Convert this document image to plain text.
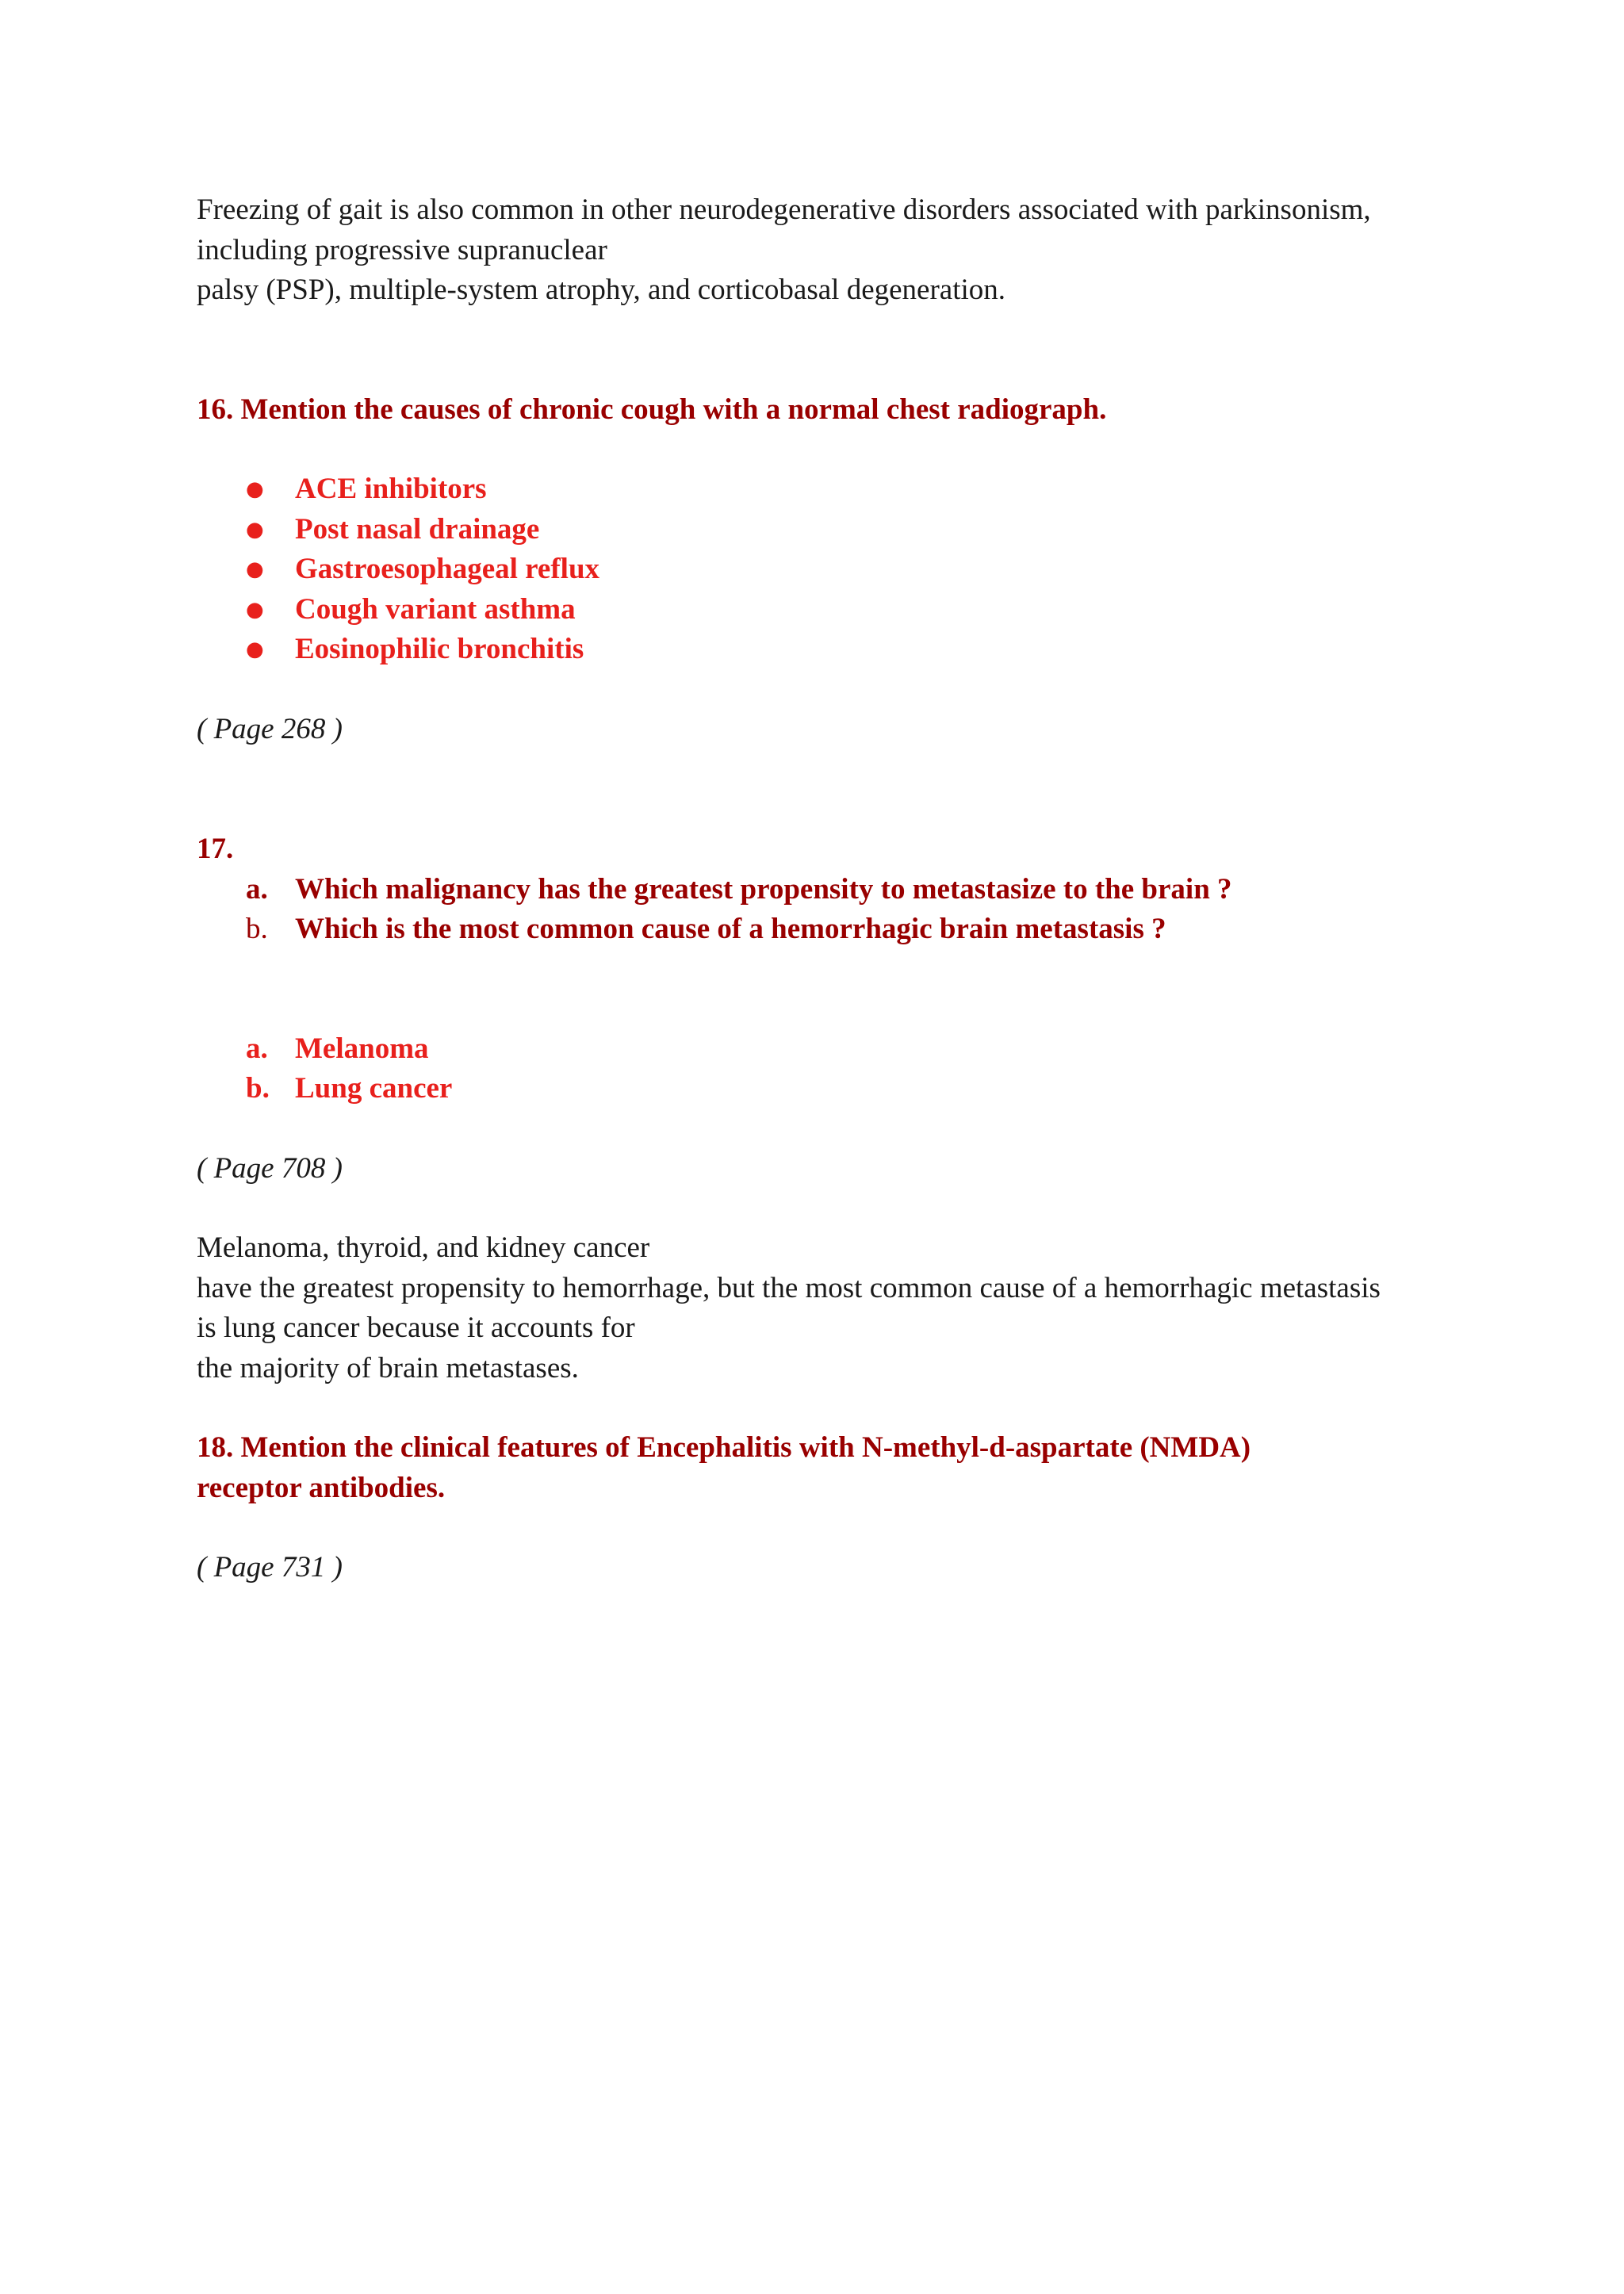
Freezing of gait is also common in other neurodegenerative disorders associated with parkinsonism,

including progressive supranuclear

palsy (PSP), multiple-system atrophy, and corticobasal degeneration.

16. Mention the causes of chronic cough with a normal chest radiograph.

● ACE inhibitors
● Post nasal drainage
● Gastroesophageal reflux
● Cough variant asthma
● Eosinophilic bronchitis

( Page 268 )

17.

a. Which malignancy has the greatest propensity to metastasize to the brain ?
b. Which is the most common cause of a hemorrhagic brain metastasis ?
a. Melanoma
b. Lung cancer

( Page 708 )

Melanoma, thyroid, and kidney cancer

have the greatest propensity to hemorrhage, but the most common cause of a hemorrhagic metastasis

is lung cancer because it accounts for

the majority of brain metastases.

18. Mention the clinical features of Encephalitis with N-methyl-d-aspartate (NMDA)

receptor antibodies.

( Page 731 )
